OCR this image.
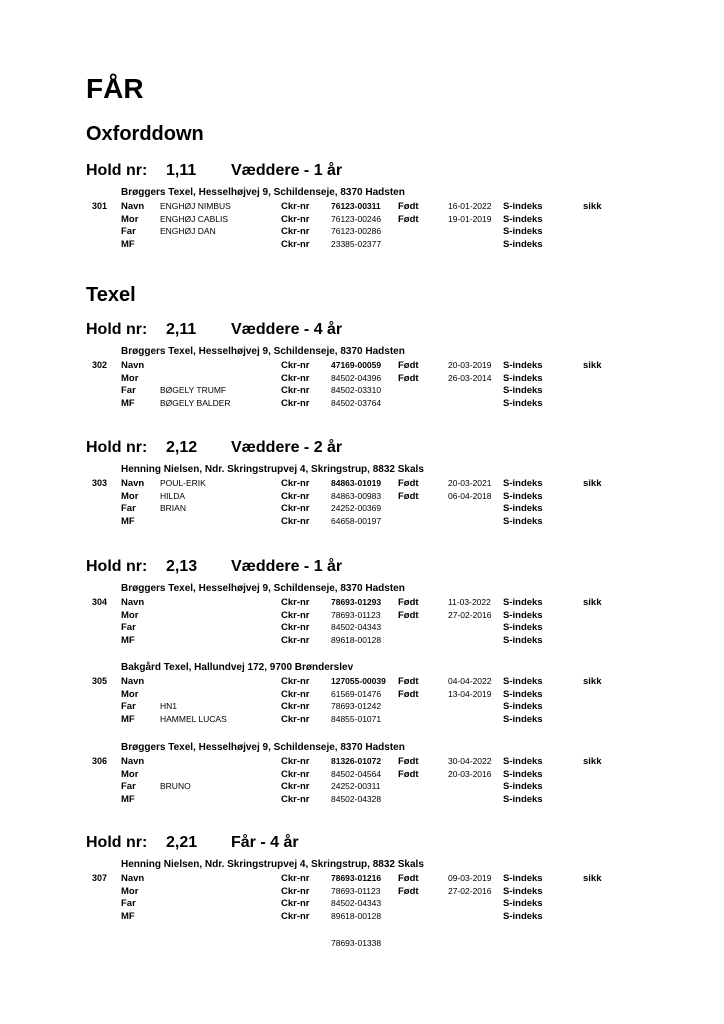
FÅR
Oxforddown
Texel
Hold nr: 1,11 Væddere - 1 år
Hold nr: 2,11 Væddere - 4 år
Hold nr: 2,12 Væddere - 2 år
Hold nr: 2,13 Væddere - 1 år
Hold nr: 2,21 Får - 4 år
Brøggers Texel, Hesselhøjvej 9, Schildenseje, 8370 Hadsten
301 Navn ENGHØJ NIMBUS	Ckr-nr	76123-00311 Født	16-01-2022 S-indeks	sikk
Mor	ENGHØJ CABLIS	Ckr-nr	76123-00246 Født	19-01-2019 S-indeks
Far	ENGHØJ DAN	Ckr-nr	76123-00286	S-indeks
MF	Ckr-nr	23385-02377	S-indeks
Brøggers Texel, Hesselhøjvej 9, Schildenseje, 8370 Hadsten
302 Navn	Ckr-nr	47169-00059 Født	20-03-2019 S-indeks	sikk
Mor	Ckr-nr	84502-04396 Født	26-03-2014 S-indeks
Far	BØGELY TRUMF	Ckr-nr	84502-03310	S-indeks
MF	BØGELY BALDER	Ckr-nr	84502-03764	S-indeks
Henning Nielsen, Ndr. Skringstrupvej 4, Skringstrup, 8832 Skals
303 Navn POUL-ERIK	Ckr-nr	84863-01019 Født	20-03-2021 S-indeks	sikk
Mor	HILDA	Ckr-nr	84863-00983 Født	06-04-2018 S-indeks
Far	BRIAN	Ckr-nr	24252-00369	S-indeks
MF	Ckr-nr	64658-00197	S-indeks
Brøggers Texel, Hesselhøjvej 9, Schildenseje, 8370 Hadsten
304 Navn	Ckr-nr	78693-01293 Født	11-03-2022 S-indeks	sikk
Mor	Ckr-nr	78693-01123 Født	27-02-2016 S-indeks
Far	Ckr-nr	84502-04343	S-indeks
MF	Ckr-nr	89618-00128	S-indeks
Bakgård Texel, Hallundvej 172, 9700 Brønderslev
305 Navn	Ckr-nr	127055-00039 Født	04-04-2022 S-indeks	sikk
Mor	Ckr-nr	61569-01476 Født	13-04-2019 S-indeks
Far	HN1	Ckr-nr	78693-01242	S-indeks
MF	HAMMEL LUCAS	Ckr-nr	84855-01071	S-indeks
Brøggers Texel, Hesselhøjvej 9, Schildenseje, 8370 Hadsten
306 Navn	Ckr-nr	81326-01072 Født	30-04-2022 S-indeks	sikk
Mor	Ckr-nr	84502-04564 Født	20-03-2016 S-indeks
Far	BRUNO	Ckr-nr	24252-00311	S-indeks
MF	Ckr-nr	84502-04328	S-indeks
Henning Nielsen, Ndr. Skringstrupvej 4, Skringstrup, 8832 Skals
307 Navn	Ckr-nr	78693-01216 Født	09-03-2019 S-indeks	sikk
Mor	Ckr-nr	78693-01123 Født	27-02-2016 S-indeks
Far	Ckr-nr	84502-04343	S-indeks
MF	Ckr-nr	89618-00128	S-indeks
78693-01338
